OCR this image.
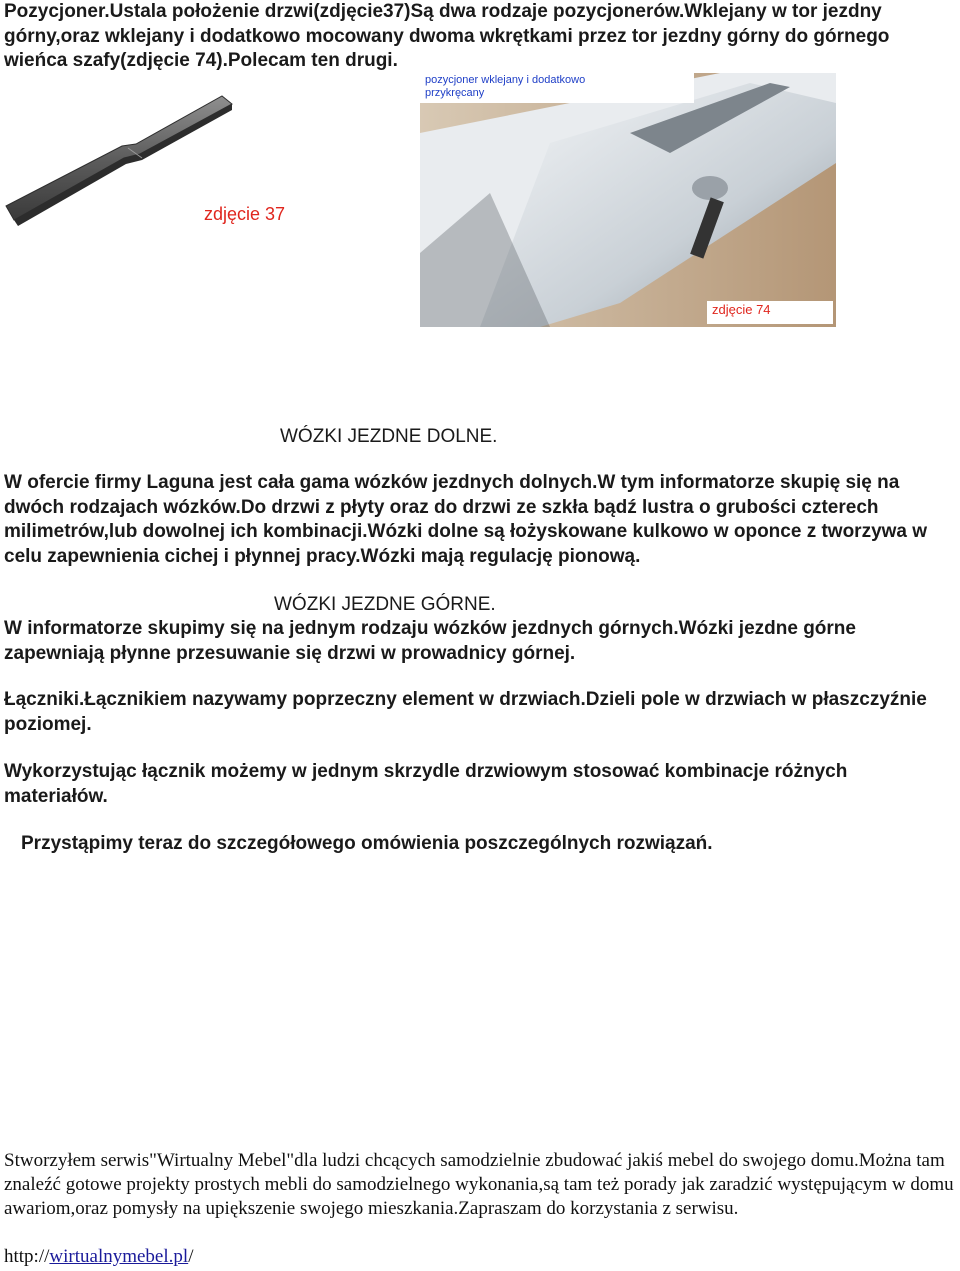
Pozycjoner.Ustala położenie drzwi(zdjęcie37)Są dwa rodzaje pozycjonerów.Wklejany w tor jezdny górny,oraz wklejany i dodatkowo mocowany dwoma wkrętkami przez tor jezdny górny do górnego wieńca szafy(zdjęcie 74).Polecam ten drugi.

zdjęcie 37
pozycjoner wklejany i dodatkowo
przykręcany
zdjęcie 74
WÓZKI JEZDNE DOLNE.

W ofercie firmy Laguna jest cała gama wózków jezdnych dolnych.W tym informatorze skupię się na dwóch rodzajach wózków.Do drzwi z płyty oraz do drzwi ze szkła bądź lustra o grubości czterech milimetrów,lub dowolnej ich kombinacji.Wózki dolne są łożyskowane kulkowo w oponce z tworzywa w celu zapewnienia cichej i płynnej pracy.Wózki mają regulację pionową.

WÓZKI JEZDNE GÓRNE.

W informatorze skupimy się na jednym rodzaju wózków jezdnych górnych.Wózki jezdne górne zapewniają płynne przesuwanie się drzwi w prowadnicy górnej.

Łączniki.Łącznikiem nazywamy poprzeczny element w drzwiach.Dzieli pole w drzwiach w płaszczyźnie poziomej.

Wykorzystując łącznik możemy w jednym skrzydle drzwiowym stosować kombinacje różnych materiałów.

Przystąpimy teraz do szczegółowego omówienia poszczególnych rozwiązań.

Stworzyłem serwis"Wirtualny Mebel"dla ludzi chcących samodzielnie zbudować jakiś mebel do swojego domu.Można tam znaleźć gotowe projekty prostych mebli do samodzielnego wykonania,są tam też porady jak zaradzić występującym w domu awariom,oraz pomysły na upiększenie swojego mieszkania.Zapraszam do korzystania z serwisu.
http://wirtualnymebel.pl/
